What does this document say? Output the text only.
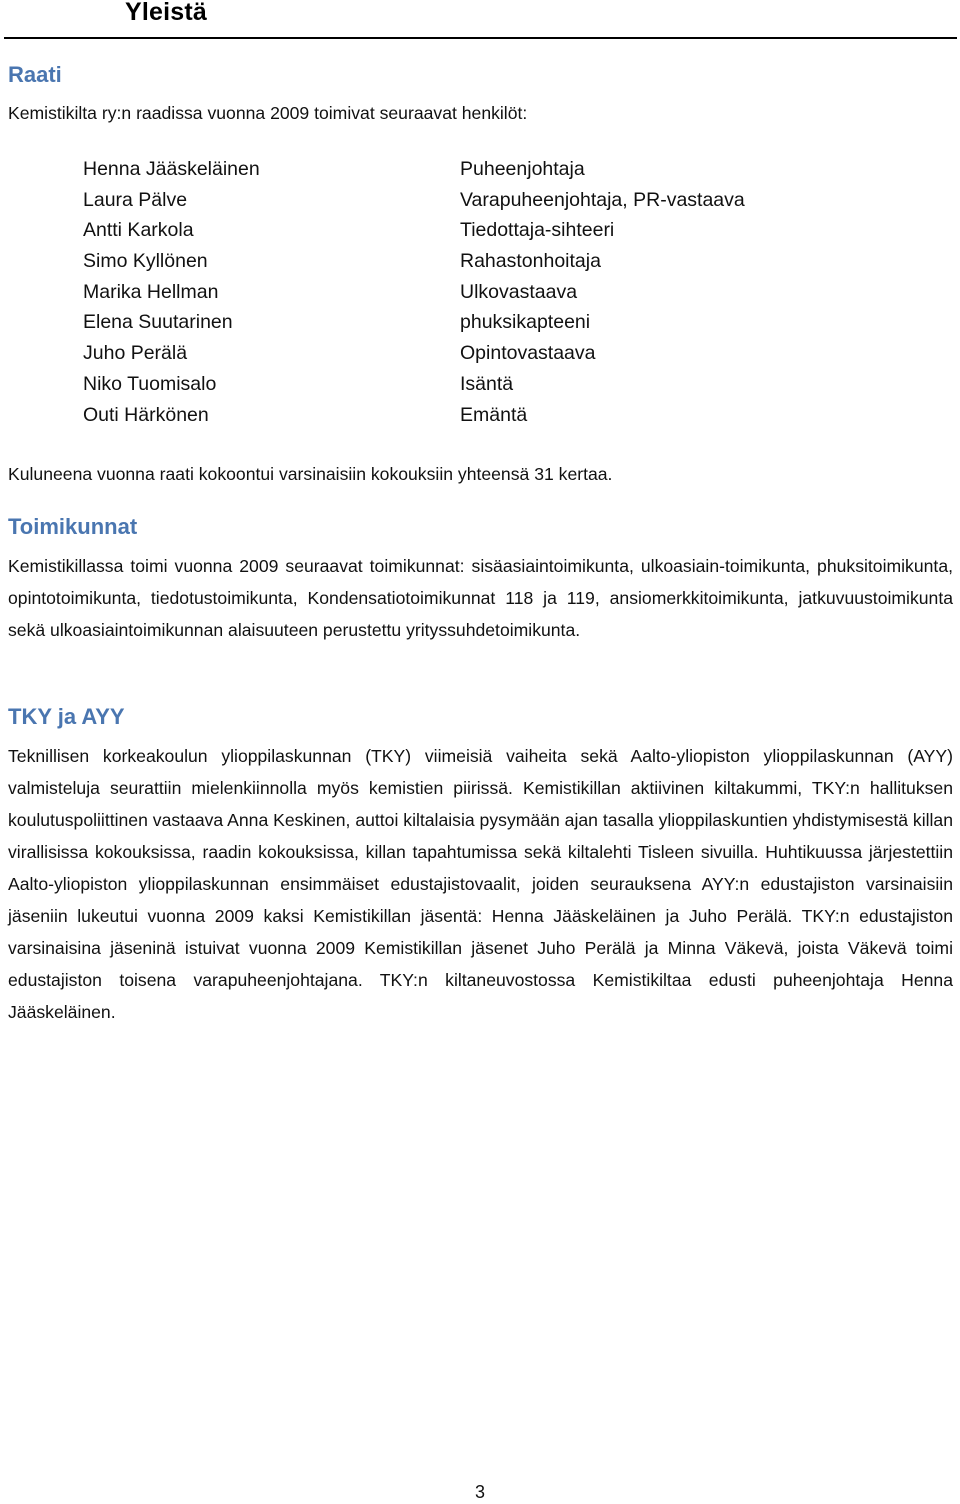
Yleistä
Raati

Kemistikilta ry:n raadissa vuonna 2009 toimivat seuraavat henkilöt:

Henna Jääskeläinen	Puheenjohtaja
Laura Pälve	Varapuheenjohtaja, PR-vastaava
Antti Karkola	Tiedottaja-sihteeri
Simo Kyllönen	Rahastonhoitaja
Marika Hellman	Ulkovastaava
Elena Suutarinen	phuksikapteeni
Juho Perälä	Opintovastaava
Niko Tuomisalo	Isäntä
Outi Härkönen	Emäntä

Kuluneena vuonna raati kokoontui varsinaisiin kokouksiin yhteensä 31 kertaa.

Toimikunnat

Kemistikillassa toimi vuonna 2009 seuraavat toimikunnat: sisäasiaintoimikunta, ulkoasiain-toimikunta, phuksitoimikunta, opintotoimikunta, tiedotustoimikunta, Kondensatiotoimikunnat 118 ja 119, ansiomerkkitoimikunta, jatkuvuustoimikunta sekä ulkoasiaintoimikunnan alaisuuteen perustettu yrityssuhdetoimikunta.

TKY ja AYY

Teknillisen korkeakoulun ylioppilaskunnan (TKY) viimeisiä vaiheita sekä Aalto-yliopiston ylioppilaskunnan (AYY) valmisteluja seurattiin mielenkiinnolla myös kemistien piirissä. Kemistikillan aktiivinen kiltakummi, TKY:n hallituksen koulutuspoliittinen vastaava Anna Keskinen, auttoi kiltalaisia pysymään ajan tasalla ylioppilaskuntien yhdistymisestä killan virallisissa kokouksissa, raadin kokouksissa, killan tapahtumissa sekä kiltalehti Tisleen sivuilla. Huhtikuussa järjestettiin Aalto-yliopiston ylioppilaskunnan ensimmäiset edustajistovaalit, joiden seurauksena AYY:n edustajiston varsinaisiin jäseniin lukeutui vuonna 2009 kaksi Kemistikillan jäsentä: Henna Jääskeläinen ja Juho Perälä. TKY:n edustajiston varsinaisina jäseninä istuivat vuonna 2009 Kemistikillan jäsenet Juho Perälä ja Minna Väkevä, joista Väkevä toimi edustajiston toisena varapuheenjohtajana. TKY:n kiltaneuvostossa Kemistikiltaa edusti puheenjohtaja Henna Jääskeläinen.

3
